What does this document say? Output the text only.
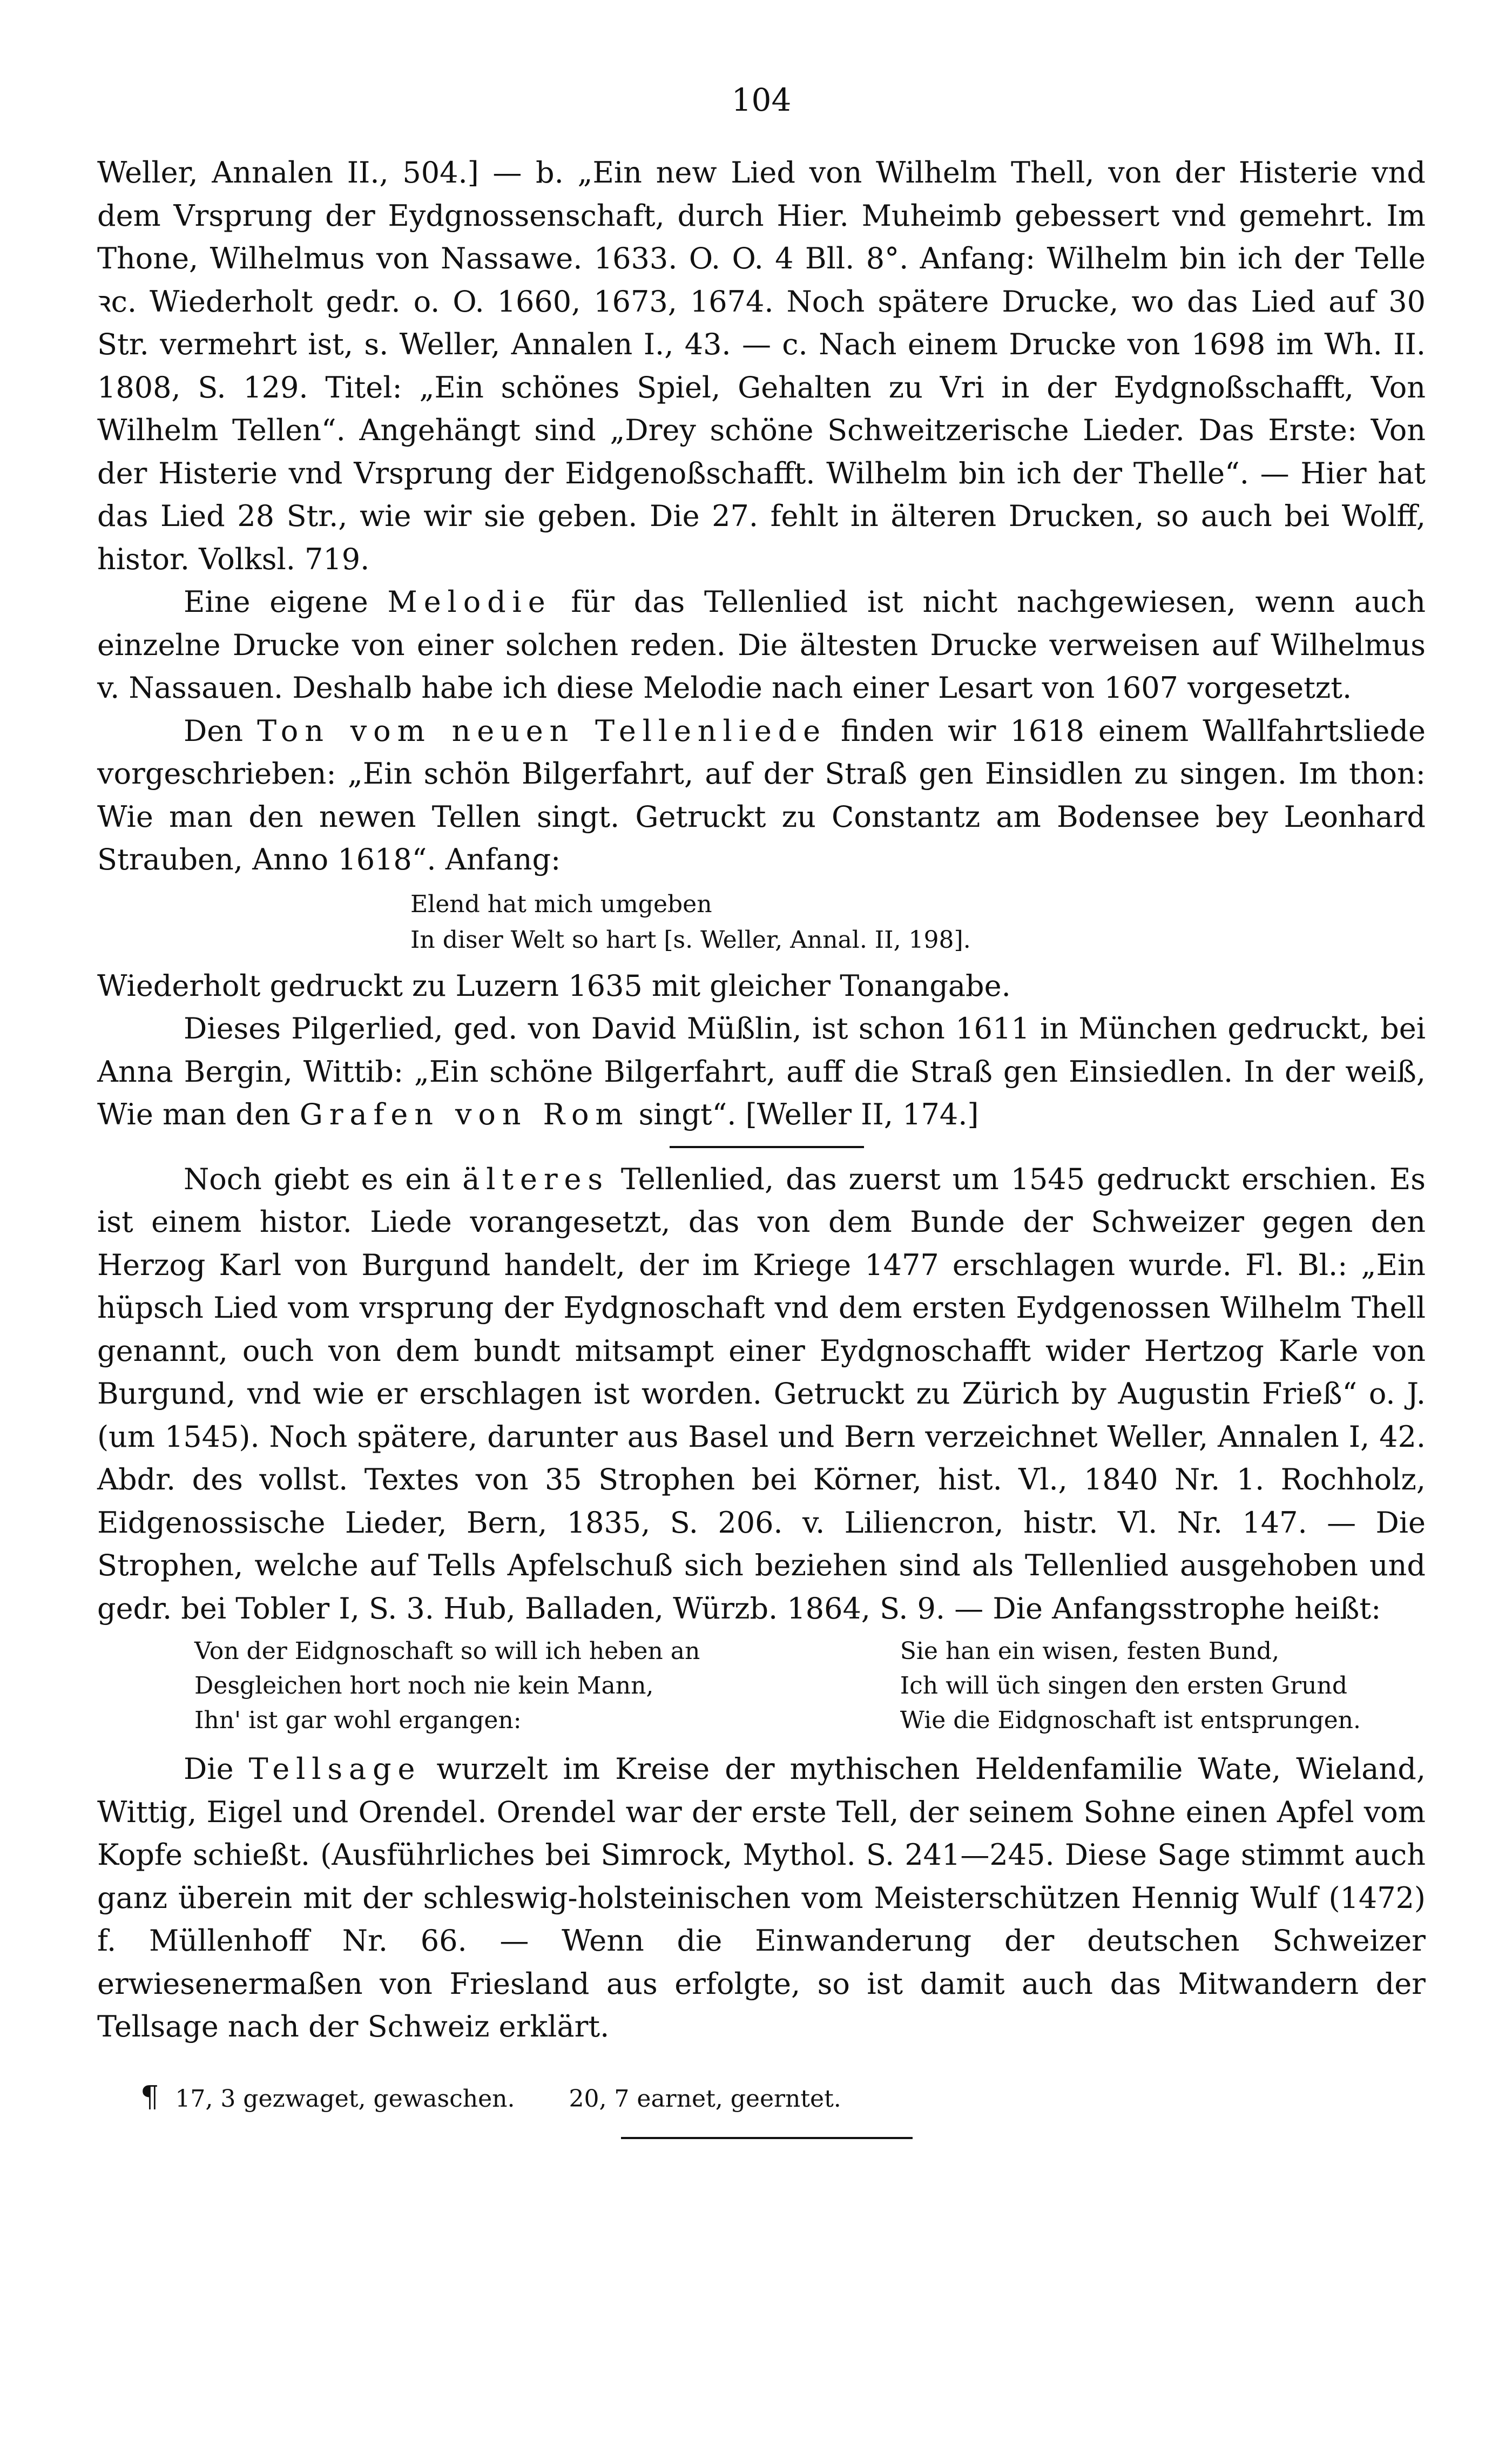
104

Weller, Annalen II., 504.] — b. „Ein new Lied von Wilhelm Thell, von der Histerie vnd dem Vrsprung der Eydgnossenschaft, durch Hier. Muheimb gebessert vnd gemehrt. Im Thone, Wilhelmus von Nassawe. 1633. O. O. 4 Bll. 8°. Anfang: Wilhelm bin ich der Telle ꝛc. Wiederholt gedr. o. O. 1660, 1673, 1674. Noch spätere Drucke, wo das Lied auf 30 Str. vermehrt ist, s. Weller, Annalen I., 43. — c. Nach einem Drucke von 1698 im Wh. II. 1808, S. 129. Titel: „Ein schönes Spiel, Gehalten zu Vri in der Eydgnoßschafft, Von Wilhelm Tellen“. Angehängt sind „Drey schöne Schweitzerische Lieder. Das Erste: Von der Histerie vnd Vrsprung der Eidgenoßschafft. Wilhelm bin ich der Thelle“. — Hier hat das Lied 28 Str., wie wir sie geben. Die 27. fehlt in älteren Drucken, so auch bei Wolff, histor. Volksl. 719.

Eine eigene Melodie für das Tellenlied ist nicht nachgewiesen, wenn auch einzelne Drucke von einer solchen reden. Die ältesten Drucke verweisen auf Wilhelmus v. Nassauen. Deshalb habe ich diese Melodie nach einer Lesart von 1607 vorgesetzt.

Den Ton vom neuen Tellenliede finden wir 1618 einem Wallfahrtsliede vorgeschrieben: „Ein schön Bilgerfahrt, auf der Straß gen Einsidlen zu singen. Im thon: Wie man den newen Tellen singt. Getruckt zu Constantz am Bodensee bey Leonhard Strauben, Anno 1618“. Anfang:

Elend hat mich umgeben

In diser Welt so hart [s. Weller, Annal. II, 198].

Wiederholt gedruckt zu Luzern 1635 mit gleicher Tonangabe.

Dieses Pilgerlied, ged. von David Müßlin, ist schon 1611 in München gedruckt, bei Anna Bergin, Wittib: „Ein schöne Bilgerfahrt, auff die Straß gen Einsiedlen. In der weiß, Wie man den Grafen von Rom singt“. [Weller II, 174.]

Noch giebt es ein älteres Tellenlied, das zuerst um 1545 gedruckt erschien. Es ist einem histor. Liede vorangesetzt, das von dem Bunde der Schweizer gegen den Herzog Karl von Burgund handelt, der im Kriege 1477 erschlagen wurde. Fl. Bl.: „Ein hüpsch Lied vom vrsprung der Eydgnoschaft vnd dem ersten Eydgenossen Wilhelm Thell genannt, ouch von dem bundt mitsampt einer Eydgnoschafft wider Hertzog Karle von Burgund, vnd wie er erschlagen ist worden. Getruckt zu Zürich by Augustin Frieß“ o. J. (um 1545). Noch spätere, darunter aus Basel und Bern verzeichnet Weller, Annalen I, 42. Abdr. des vollst. Textes von 35 Strophen bei Körner, hist. Vl., 1840 Nr. 1. Rochholz, Eidgenossische Lieder, Bern, 1835, S. 206. v. Liliencron, histr. Vl. Nr. 147. — Die Strophen, welche auf Tells Apfelschuß sich beziehen sind als Tellenlied ausgehoben und gedr. bei Tobler I, S. 3. Hub, Balladen, Würzb. 1864, S. 9. — Die Anfangsstrophe heißt:

Von der Eidgnoschaft so will ich heben an
Desgleichen hort noch nie kein Mann,
Ihn' ist gar wohl ergangen:
Sie han ein wisen, festen Bund,
Ich will üch singen den ersten Grund
Wie die Eidgnoschaft ist entsprungen.

Die Tellsage wurzelt im Kreise der mythischen Heldenfamilie Wate, Wieland, Wittig, Eigel und Orendel. Orendel war der erste Tell, der seinem Sohne einen Apfel vom Kopfe schießt. (Ausführliches bei Simrock, Mythol. S. 241—245. Diese Sage stimmt auch ganz überein mit der schleswig-holsteinischen vom Meisterschützen Hennig Wulf (1472) f. Müllenhoff Nr. 66. — Wenn die Einwanderung der deutschen Schweizer erwiesenermaßen von Friesland aus erfolgte, so ist damit auch das Mitwandern der Tellsage nach der Schweiz erklärt.

¶ 17, 3 gezwaget, gewaschen. 20, 7 earnet, geerntet.
